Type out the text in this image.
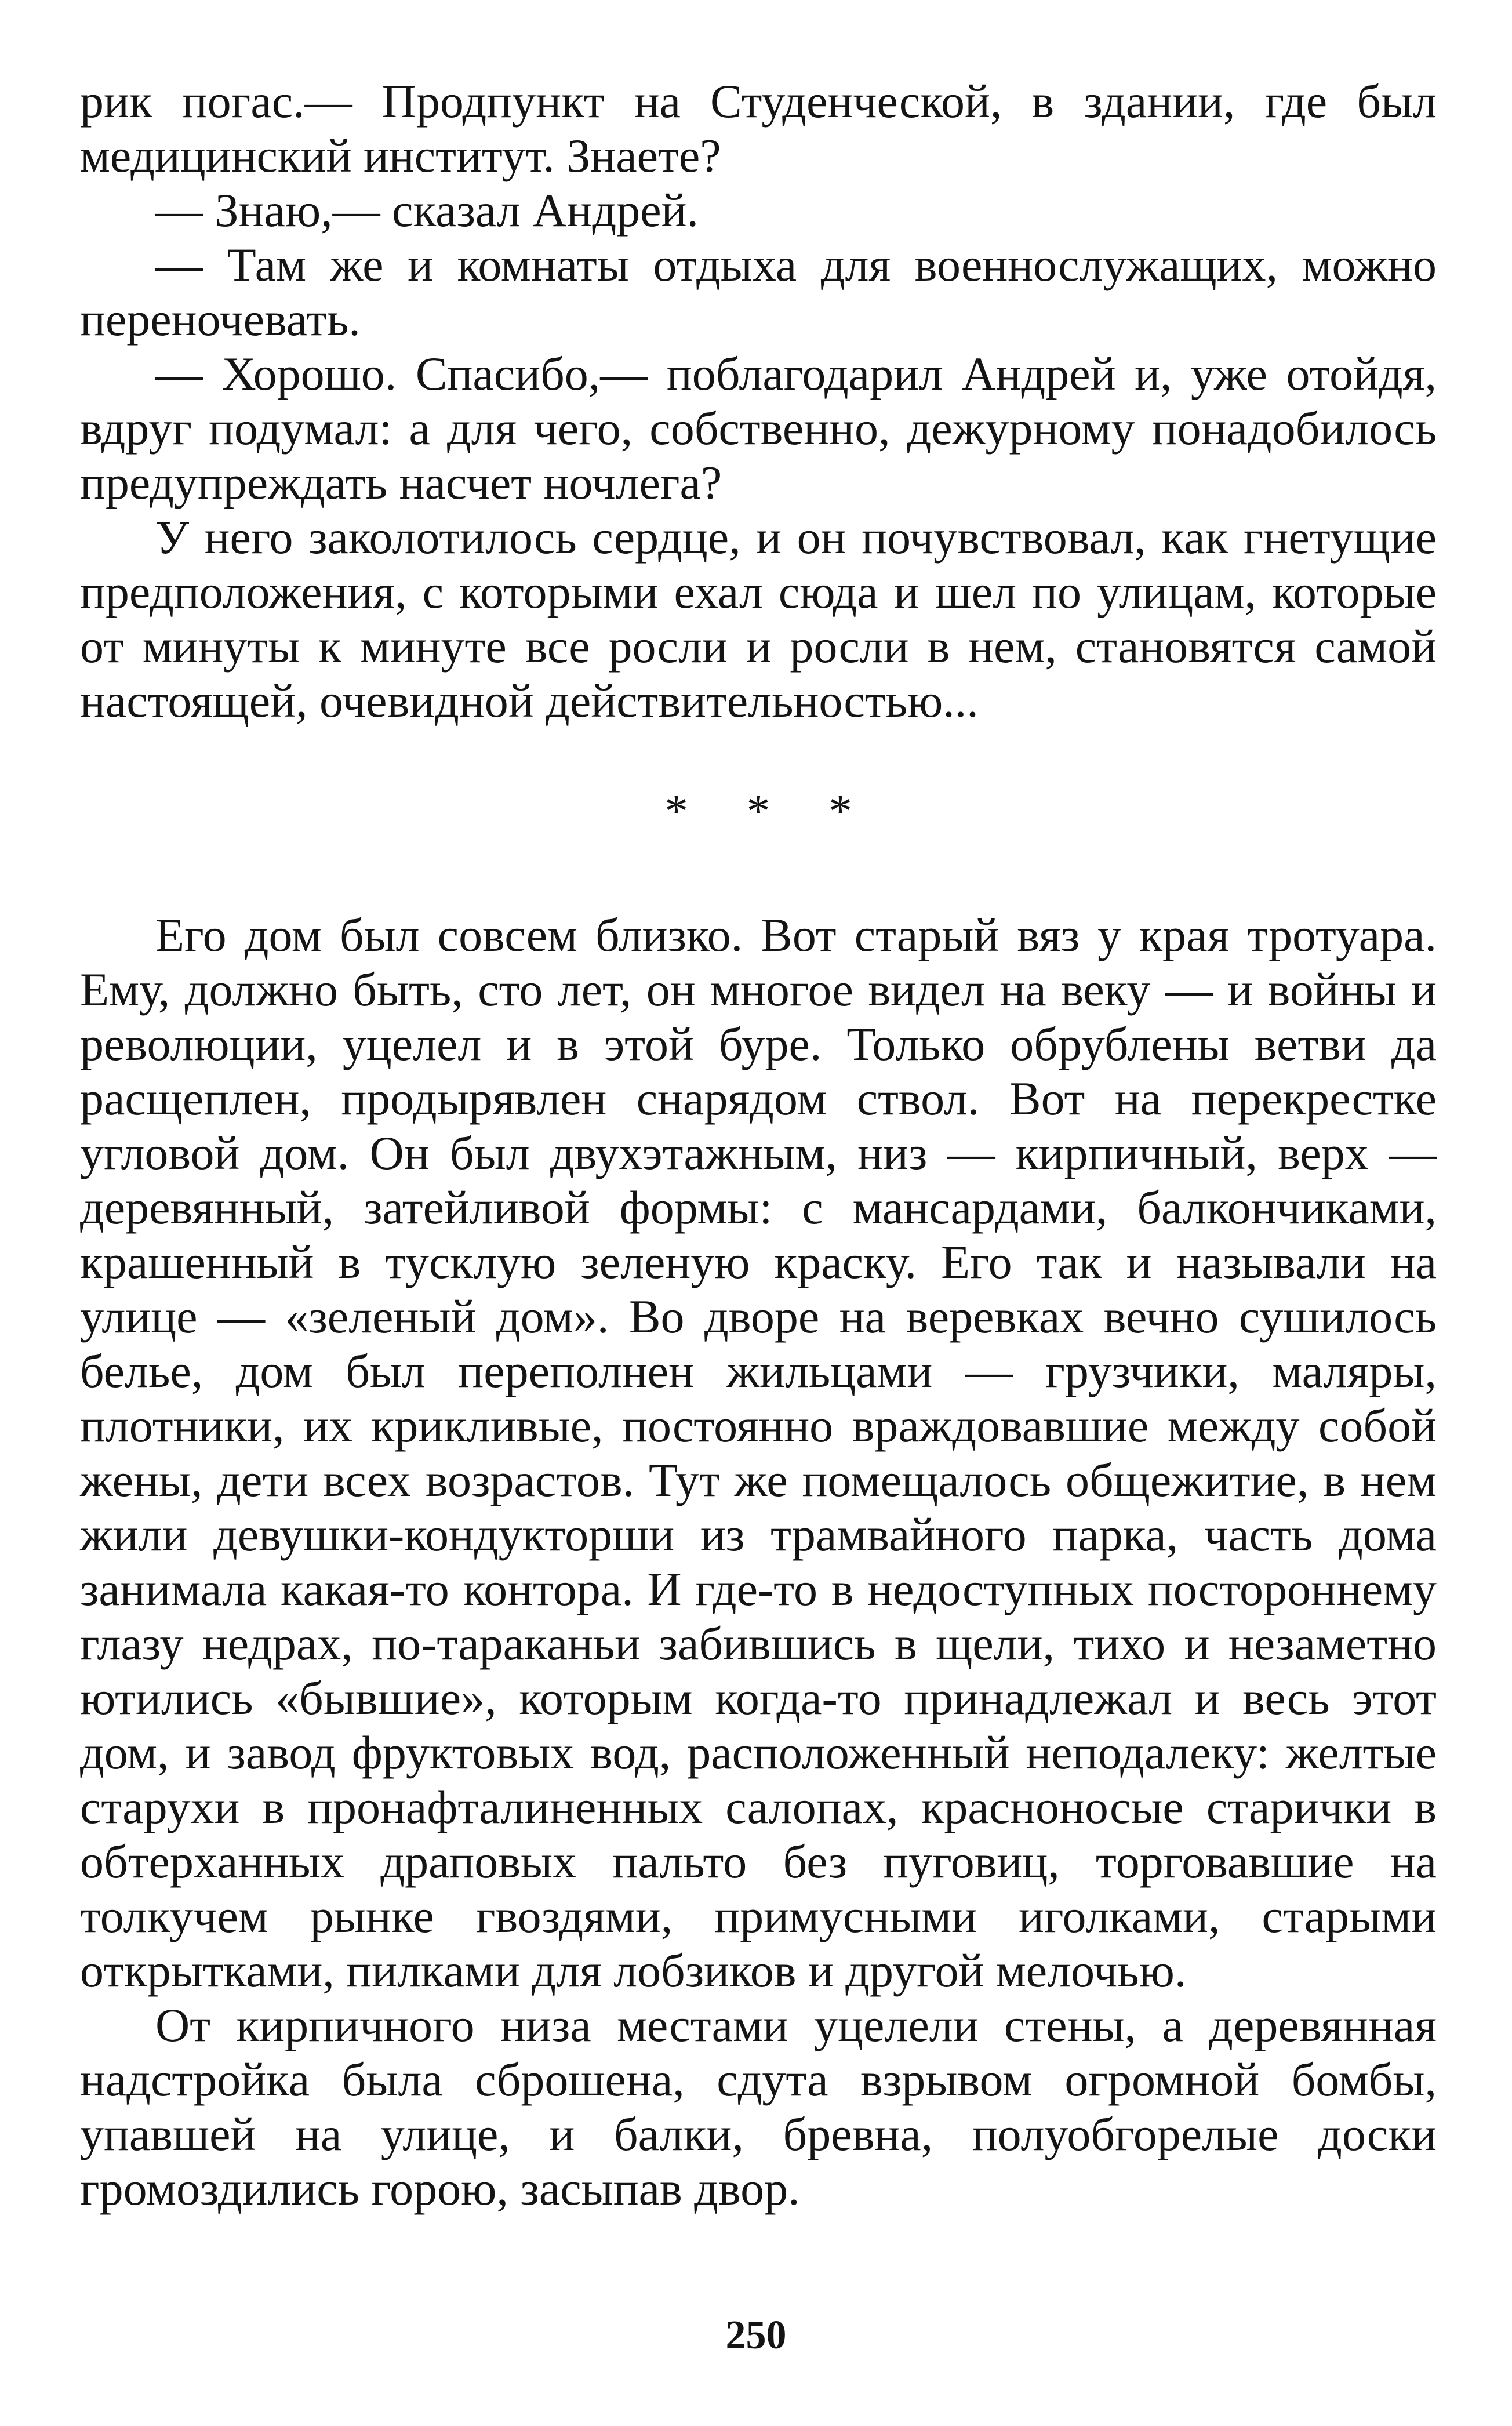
рик погас.— Продпункт на Студенческой, в здании, где был медицинский институт. Знаете?

— Знаю,— сказал Андрей.

— Там же и комнаты отдыха для военнослужащих, можно переночевать.

— Хорошо. Спасибо,— поблагодарил Андрей и, уже отойдя, вдруг подумал: а для чего, собственно, дежурному понадобилось предупреждать насчет ночлега?

У него заколотилось сердце, и он почувствовал, как гнетущие предположения, с которыми ехал сюда и шел по улицам, которые от минуты к минуте все росли и росли в нем, становятся самой настоящей, очевидной действительностью...

* * *

Его дом был совсем близко. Вот старый вяз у края тротуара. Ему, должно быть, сто лет, он многое видел на веку — и войны и революции, уцелел и в этой буре. Только обрублены ветви да расщеплен, продырявлен снарядом ствол. Вот на перекрестке угловой дом. Он был двухэтажным, низ — кирпичный, верх — деревянный, затейливой формы: с мансардами, балкончиками, крашенный в тусклую зеленую краску. Его так и называли на улице — «зеленый дом». Во дворе на веревках вечно сушилось белье, дом был переполнен жильцами — грузчики, маляры, плотники, их крикливые, постоянно враждовавшие между собой жены, дети всех возрастов. Тут же помещалось общежитие, в нем жили девушки-кондукторши из трамвайного парка, часть дома занимала какая-то контора. И где-то в недоступных постороннему глазу недрах, по-тараканьи забившись в щели, тихо и незаметно ютились «бывшие», которым когда-то принадлежал и весь этот дом, и завод фруктовых вод, расположенный неподалеку: желтые старухи в пронафталиненных салопах, красноносые старички в обтерханных драповых пальто без пуговиц, торговавшие на толкучем рынке гвоздями, примусными иголками, старыми открытками, пилками для лобзиков и другой мелочью.

От кирпичного низа местами уцелели стены, а деревянная надстройка была сброшена, сдута взрывом огромной бомбы, упавшей на улице, и балки, бревна, полуобгорелые доски громоздились горою, засыпав двор.

250
